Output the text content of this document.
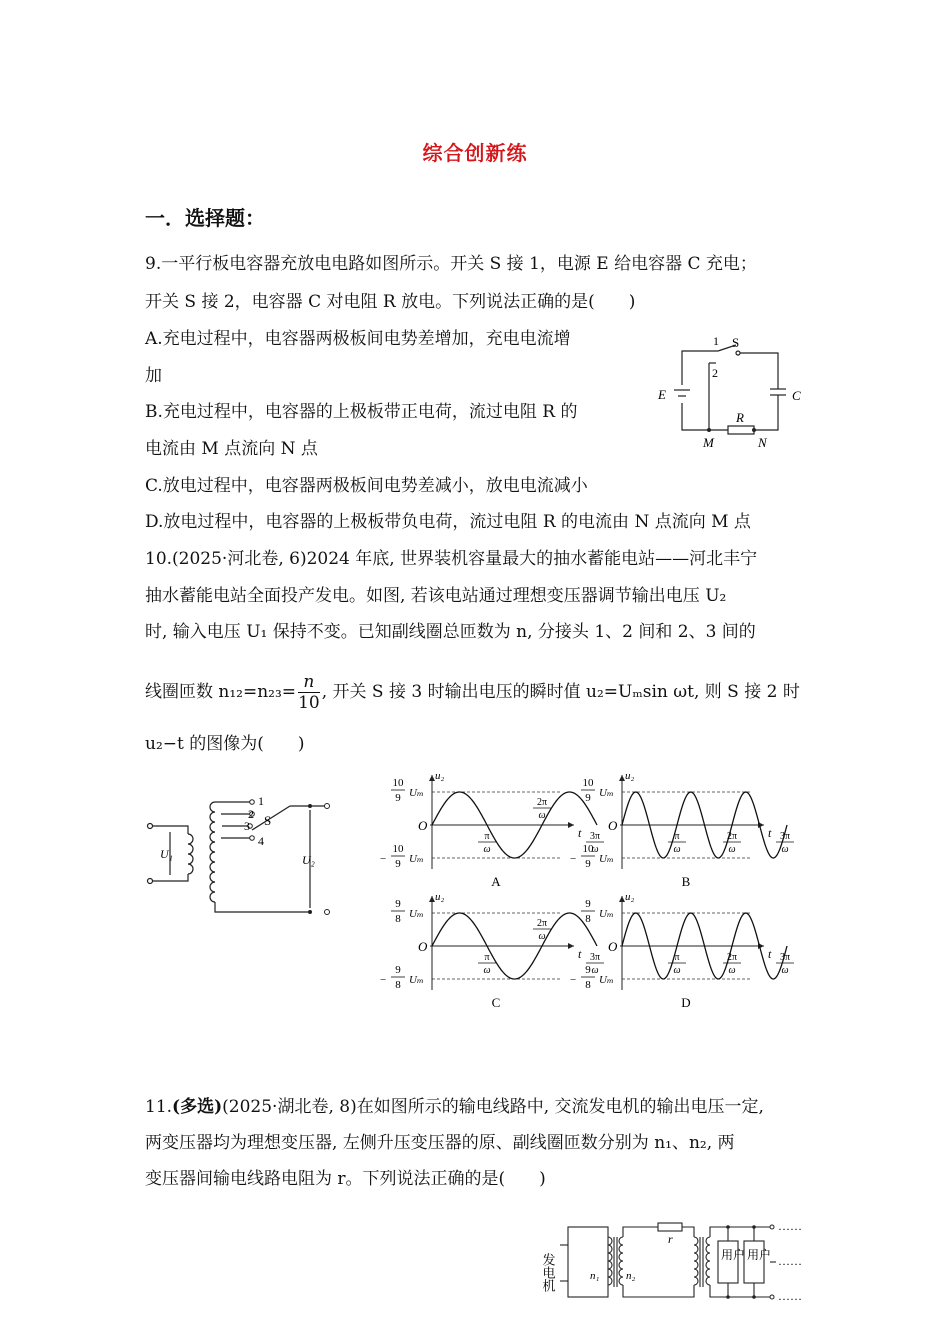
综合创新练
一．选择题：
9.一平行板电容器充放电电路如图所示。开关 S 接 1，电源 E 给电容器 C 充电；
开关 S 接 2，电容器 C 对电阻 R 放电。下列说法正确的是(　　)
A.充电过程中，电容器两极板间电势差增加，充电电流增
加
B.充电过程中，电容器的上极板带正电荷，流过电阻 R 的
电流由 M 点流向 N 点
C.放电过程中，电容器两极板间电势差减小，放电电流减小
D.放电过程中，电容器的上极板带负电荷，流过电阻 R 的电流由 N 点流向 M 点
S
1
2
E	C
R
M	N
10.(2025·河北卷, 6)2024 年底, 世界装机容量最大的抽水蓄能电站——河北丰宁
抽水蓄能电站全面投产发电。如图, 若该电站通过理想变压器调节输出电压 U₂
时, 输入电压 U₁ 保持不变。已知副线圈总匝数为 n, 分接头 1、2 间和 2、3 间的
线圈匝数 $n_{12}=n_{23}= \frac{n}{10}$ , 开关 S 接 3 时输出电压的瞬时值 u₂=Uₘsin ωt, 则 S 接 2 时
u₂−t 的图像为(　　)
1
2
3
4
S
U₁	U₂
O	t
u₂
10
9 Uₘ
−
10
9 Uₘ
π
ω
2π
ω
3π
ω
A
O	t
u₂
10
9 Uₘ
−
10
9 Uₘ
π
ω
2π
ω
3π
ω
B
O	t
u₂
9
8 Uₘ
−
9
8 Uₘ
π
ω
2π
ω
3π
ω
C
O	t
u₂
9
8 Uₘ
−
9
8 Uₘ
π
ω
2π
ω
3π
ω
D
11.(多选)(2025·湖北卷, 8)在如图所示的输电线路中, 交流发电机的输出电压一定,
两变压器均为理想变压器, 左侧升压变压器的原、副线圈匝数分别为 n₁、n₂, 两
变压器间输电线路电阻为 r。下列说法正确的是(　　)
发电机	n₁ n₂
r
用户 用户
……
……
……
